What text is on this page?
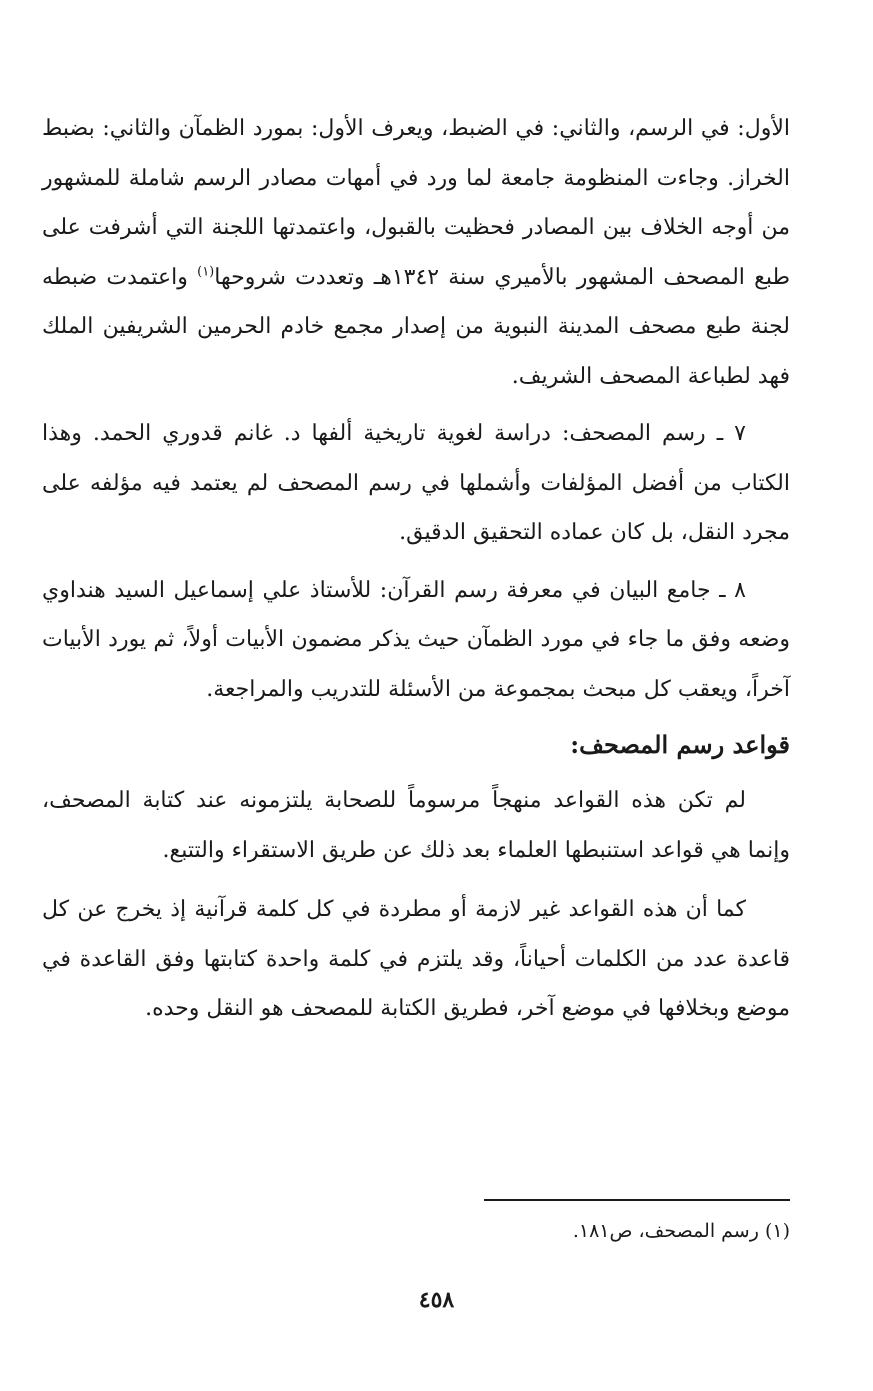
الأول: في الرسم، والثاني: في الضبط، ويعرف الأول: بمورد الظمآن والثاني: بضبط الخراز. وجاءت المنظومة جامعة لما ورد في أمهات مصادر الرسم شاملة للمشهور من أوجه الخلاف بين المصادر فحظيت بالقبول، واعتمدتها اللجنة التي أشرفت على طبع المصحف المشهور بالأميري سنة ١٣٤٢هـ وتعددت شروحها$^{(١)}$ واعتمدت ضبطه لجنة طبع مصحف المدينة النبوية من إصدار مجمع خادم الحرمين الشريفين الملك فهد لطباعة المصحف الشريف.

٧ ـ رسم المصحف: دراسة لغوية تاريخية ألفها د. غانم قدوري الحمد. وهذا الكتاب من أفضل المؤلفات وأشملها في رسم المصحف لم يعتمد فيه مؤلفه على مجرد النقل، بل كان عماده التحقيق الدقيق.

٨ ـ جامع البيان في معرفة رسم القرآن: للأستاذ علي إسماعيل السيد هنداوي وضعه وفق ما جاء في مورد الظمآن حيث يذكر مضمون الأبيات أولاً، ثم يورد الأبيات آخراً، ويعقب كل مبحث بمجموعة من الأسئلة للتدريب والمراجعة.

قواعد رسم المصحف:

لم تكن هذه القواعد منهجاً مرسوماً للصحابة يلتزمونه عند كتابة المصحف، وإنما هي قواعد استنبطها العلماء بعد ذلك عن طريق الاستقراء والتتبع.

كما أن هذه القواعد غير لازمة أو مطردة في كل كلمة قرآنية إذ يخرج عن كل قاعدة عدد من الكلمات أحياناً، وقد يلتزم في كلمة واحدة كتابتها وفق القاعدة في موضع وبخلافها في موضع آخر، فطريق الكتابة للمصحف هو النقل وحده.

(١) رسم المصحف، ص١٨١.

٤٥٨
